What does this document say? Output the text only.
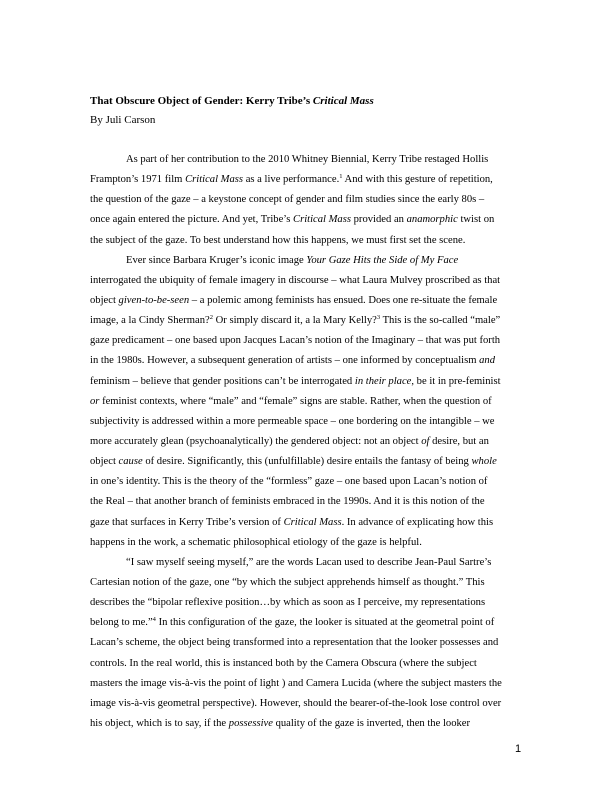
That Obscure Object of Gender: Kerry Tribe’s Critical Mass
By Juli Carson
As part of her contribution to the 2010 Whitney Biennial, Kerry Tribe restaged Hollis
Frampton’s 1971 film Critical Mass as a live performance.$^1$ And with this gesture of repetition,
the question of the gaze – a keystone concept of gender and film studies since the early 80s –
once again entered the picture. And yet, Tribe’s Critical Mass provided an anamorphic twist on
the subject of the gaze. To best understand how this happens, we must first set the scene.
Ever since Barbara Kruger’s iconic image Your Gaze Hits the Side of My Face
interrogated the ubiquity of female imagery in discourse – what Laura Mulvey proscribed as that
object given-to-be-seen – a polemic among feminists has ensued. Does one re-situate the female
image, a la Cindy Sherman?$^2$ Or simply discard it, a la Mary Kelly?$^3$ This is the so-called “male”
gaze predicament – one based upon Jacques Lacan’s notion of the Imaginary – that was put forth
in the 1980s. However, a subsequent generation of artists – one informed by conceptualism and
feminism – believe that gender positions can’t be interrogated in their place, be it in pre-feminist
or feminist contexts, where “male” and “female” signs are stable. Rather, when the question of
subjectivity is addressed within a more permeable space – one bordering on the intangible – we
more accurately glean (psychoanalytically) the gendered object: not an object of desire, but an
object cause of desire. Significantly, this (unfulfillable) desire entails the fantasy of being whole
in one’s identity. This is the theory of the “formless” gaze – one based upon Lacan’s notion of
the Real – that another branch of feminists embraced in the 1990s. And it is this notion of the
gaze that surfaces in Kerry Tribe’s version of Critical Mass. In advance of explicating how this
happens in the work, a schematic philosophical etiology of the gaze is helpful.
“I saw myself seeing myself,” are the words Lacan used to describe Jean-Paul Sartre’s
Cartesian notion of the gaze, one “by which the subject apprehends himself as thought.” This
describes the “bipolar reflexive position…by which as soon as I perceive, my representations
belong to me.”$^4$ In this configuration of the gaze, the looker is situated at the geometral point of
Lacan’s scheme, the object being transformed into a representation that the looker possesses and
controls. In the real world, this is instanced both by the Camera Obscura (where the subject
masters the image vis-à-vis the point of light ) and Camera Lucida (where the subject masters the
image vis-à-vis geometral perspective). However, should the bearer-of-the-look lose control over
his object, which is to say, if the possessive quality of the gaze is inverted, then the looker
1
